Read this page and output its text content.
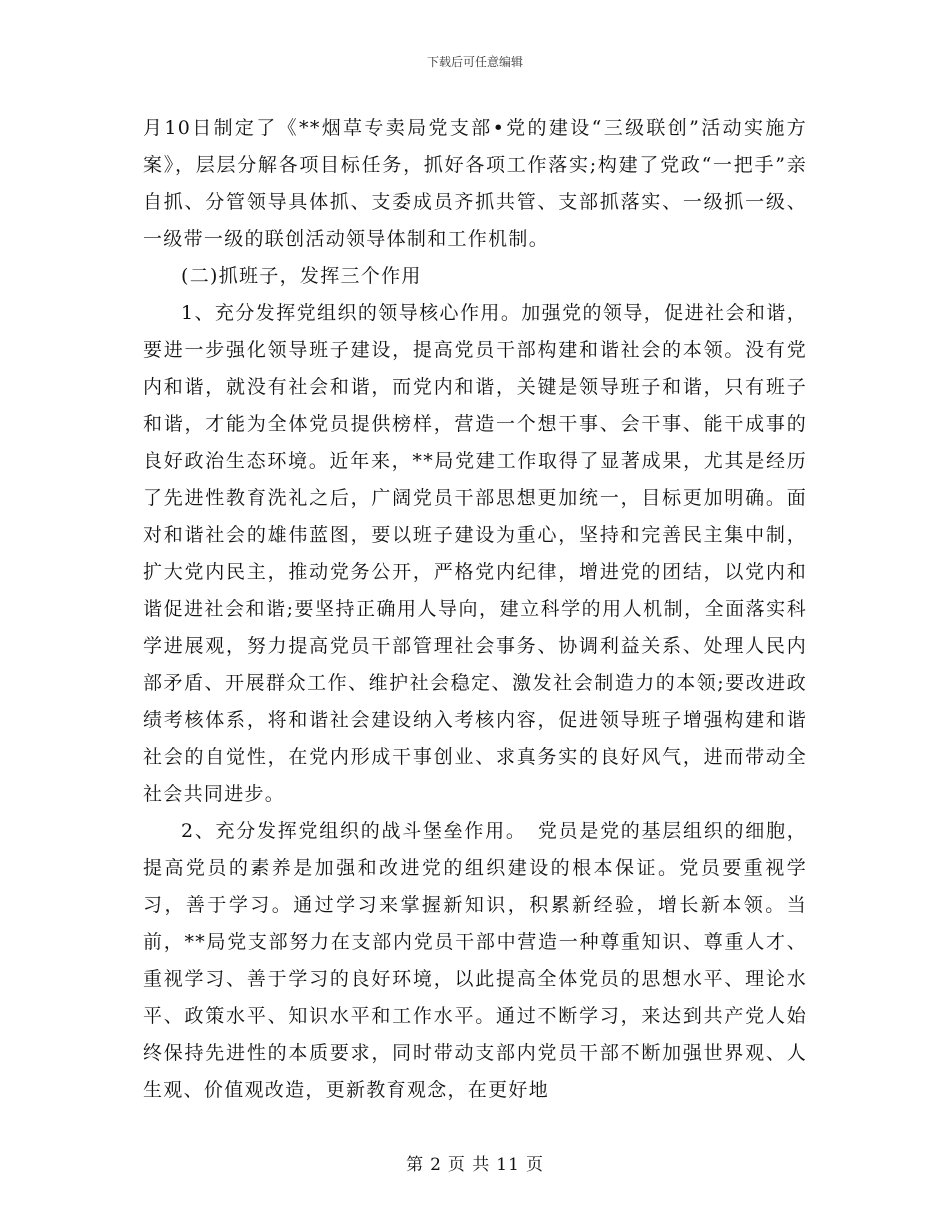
下载后可任意编辑

月10日制定了《**烟草专卖局党支部•党的建设“三级联创”活动实施方案》，层层分解各项目标任务，抓好各项工作落实;构建了党政“一把手”亲自抓、分管领导具体抓、支委成员齐抓共管、支部抓落实、一级抓一级、一级带一级的联创活动领导体制和工作机制。

(二)抓班子，发挥三个作用

1、充分发挥党组织的领导核心作用。加强党的领导，促进社会和谐，要进一步强化领导班子建设，提高党员干部构建和谐社会的本领。没有党内和谐，就没有社会和谐，而党内和谐，关键是领导班子和谐，只有班子和谐，才能为全体党员提供榜样，营造一个想干事、会干事、能干成事的良好政治生态环境。近年来，**局党建工作取得了显著成果，尤其是经历了先进性教育洗礼之后，广阔党员干部思想更加统一，目标更加明确。面对和谐社会的雄伟蓝图，要以班子建设为重心，坚持和完善民主集中制，扩大党内民主，推动党务公开，严格党内纪律，增进党的团结，以党内和谐促进社会和谐;要坚持正确用人导向，建立科学的用人机制，全面落实科学进展观，努力提高党员干部管理社会事务、协调利益关系、处理人民内部矛盾、开展群众工作、维护社会稳定、激发社会制造力的本领;要改进政绩考核体系，将和谐社会建设纳入考核内容，促进领导班子增强构建和谐社会的自觉性，在党内形成干事创业、求真务实的良好风气，进而带动全社会共同进步。

2、充分发挥党组织的战斗堡垒作用。　党员是党的基层组织的细胞，提高党员的素养是加强和改进党的组织建设的根本保证。党员要重视学习，善于学习。通过学习来掌握新知识，积累新经验，增长新本领。当前，**局党支部努力在支部内党员干部中营造一种尊重知识、尊重人才、重视学习、善于学习的良好环境，以此提高全体党员的思想水平、理论水平、政策水平、知识水平和工作水平。通过不断学习，来达到共产党人始终保持先进性的本质要求，同时带动支部内党员干部不断加强世界观、人生观、价值观改造，更新教育观念，在更好地

第 2 页 共 11 页
